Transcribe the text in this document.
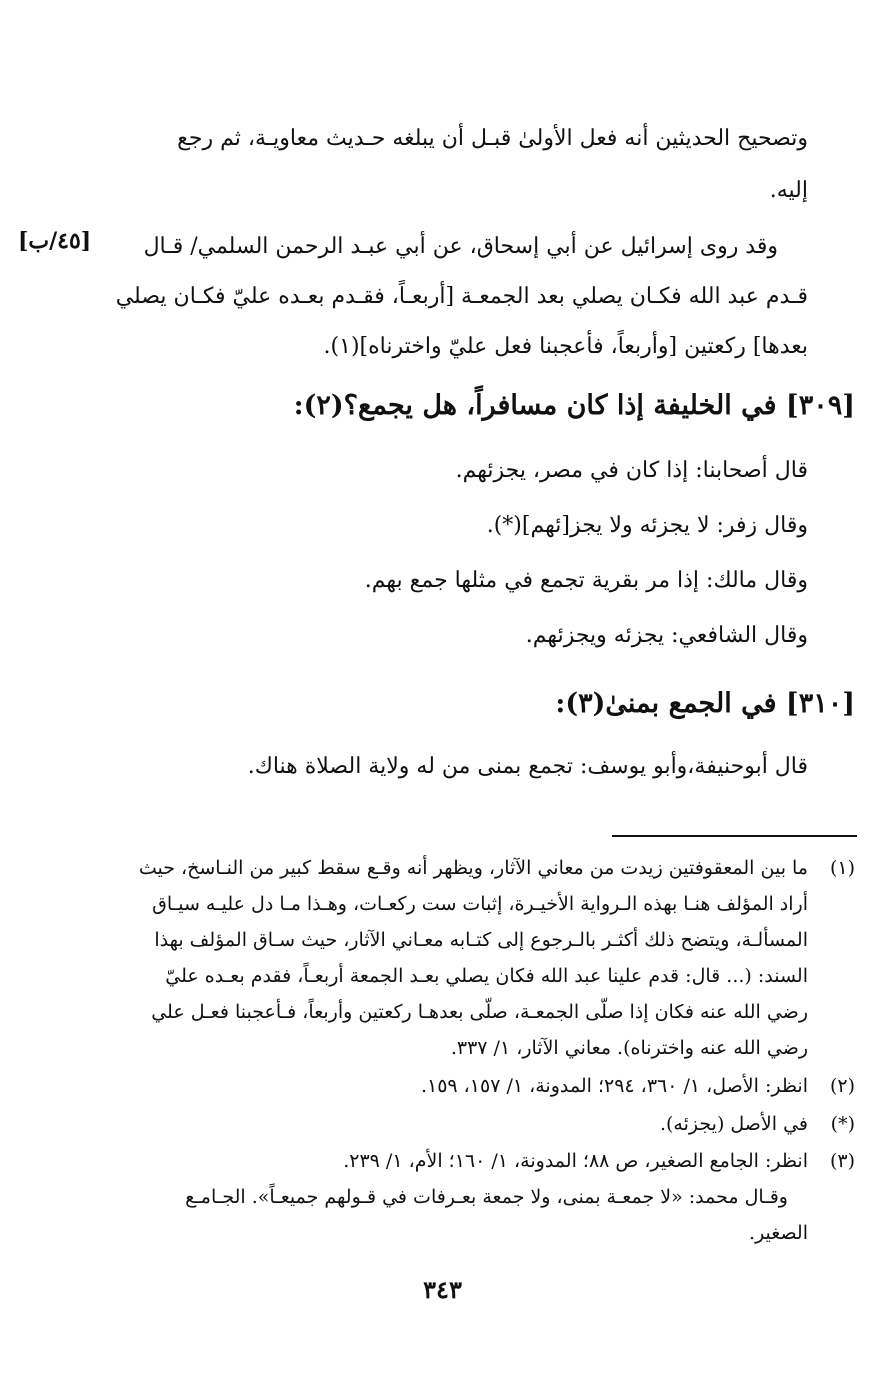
وتصحيح الحديثين أنه فعل الأولىٰ قبـل أن يبلغه حـديث معاويـة، ثم رجع
إليه.
[٤٥/ب] وقد روى إسرائيل عن أبي إسحاق، عن أبي عبـد الرحمن السلمي/ قـال
قـدم عبد الله فكـان يصلي بعد الجمعـة [أربعـاً، فقـدم بعـده عليّ فكـان يصلي
بعدها] ركعتين [وأربعاً، فأعجبنا فعل عليّ واخترناه](١).
[٣٠٩] في الخليفة إذا كان مسافراً، هل يجمع؟(٢):
قال أصحابنا: إذا كان في مصر، يجزئهم.
وقال زفر: لا يجزئه ولا يجز[ئهم](*).
وقال مالك: إذا مر بقرية تجمع في مثلها جمع بهم.
وقال الشافعي: يجزئه ويجزئهم.
[٣١٠] في الجمع بمنىٰ(٣):
قال أبوحنيفة،وأبو يوسف: تجمع بمنى من له ولاية الصلاة هناك.
(١)
ما بين المعقوفتين زيدت من معاني الآثار، ويظهر أنه وقـع سقط كبير من النـاسخ، حيث
أراد المؤلف هنـا بهذه الـرواية الأخيـرة، إثبات ست ركعـات، وهـذا مـا دل عليـه سيـاق
المسألـة، ويتضح ذلك أكثـر بالـرجوع إلى كتـابه معـاني الآثار، حيث سـاق المؤلف بهذا
السند: (... قال: قدم علينا عبد الله فكان يصلي بعـد الجمعة أربعـاً، فقدم بعـده عليّ
رضي الله عنه فكان إذا صلّى الجمعـة، صلّى بعدهـا ركعتين وأربعاً، فـأعجبنا فعـل علي
رضي الله عنه واخترناه). معاني الآثار، ١/ ٣٣٧.
(٢)
انظر: الأصل، ١/ ٣٦٠، ٢٩٤؛ المدونة، ١/ ١٥٧، ١٥٩.
(*)
في الأصل (يجزئه).
(٣)
انظر: الجامع الصغير، ص ٨٨؛ المدونة، ١/ ١٦٠؛ الأم، ١/ ٢٣٩.
وقـال محمد: «لا جمعـة بمنى، ولا جمعة بعـرفات في قـولهم جميعـاً». الجـامـع
الصغير.
٣٤٣
